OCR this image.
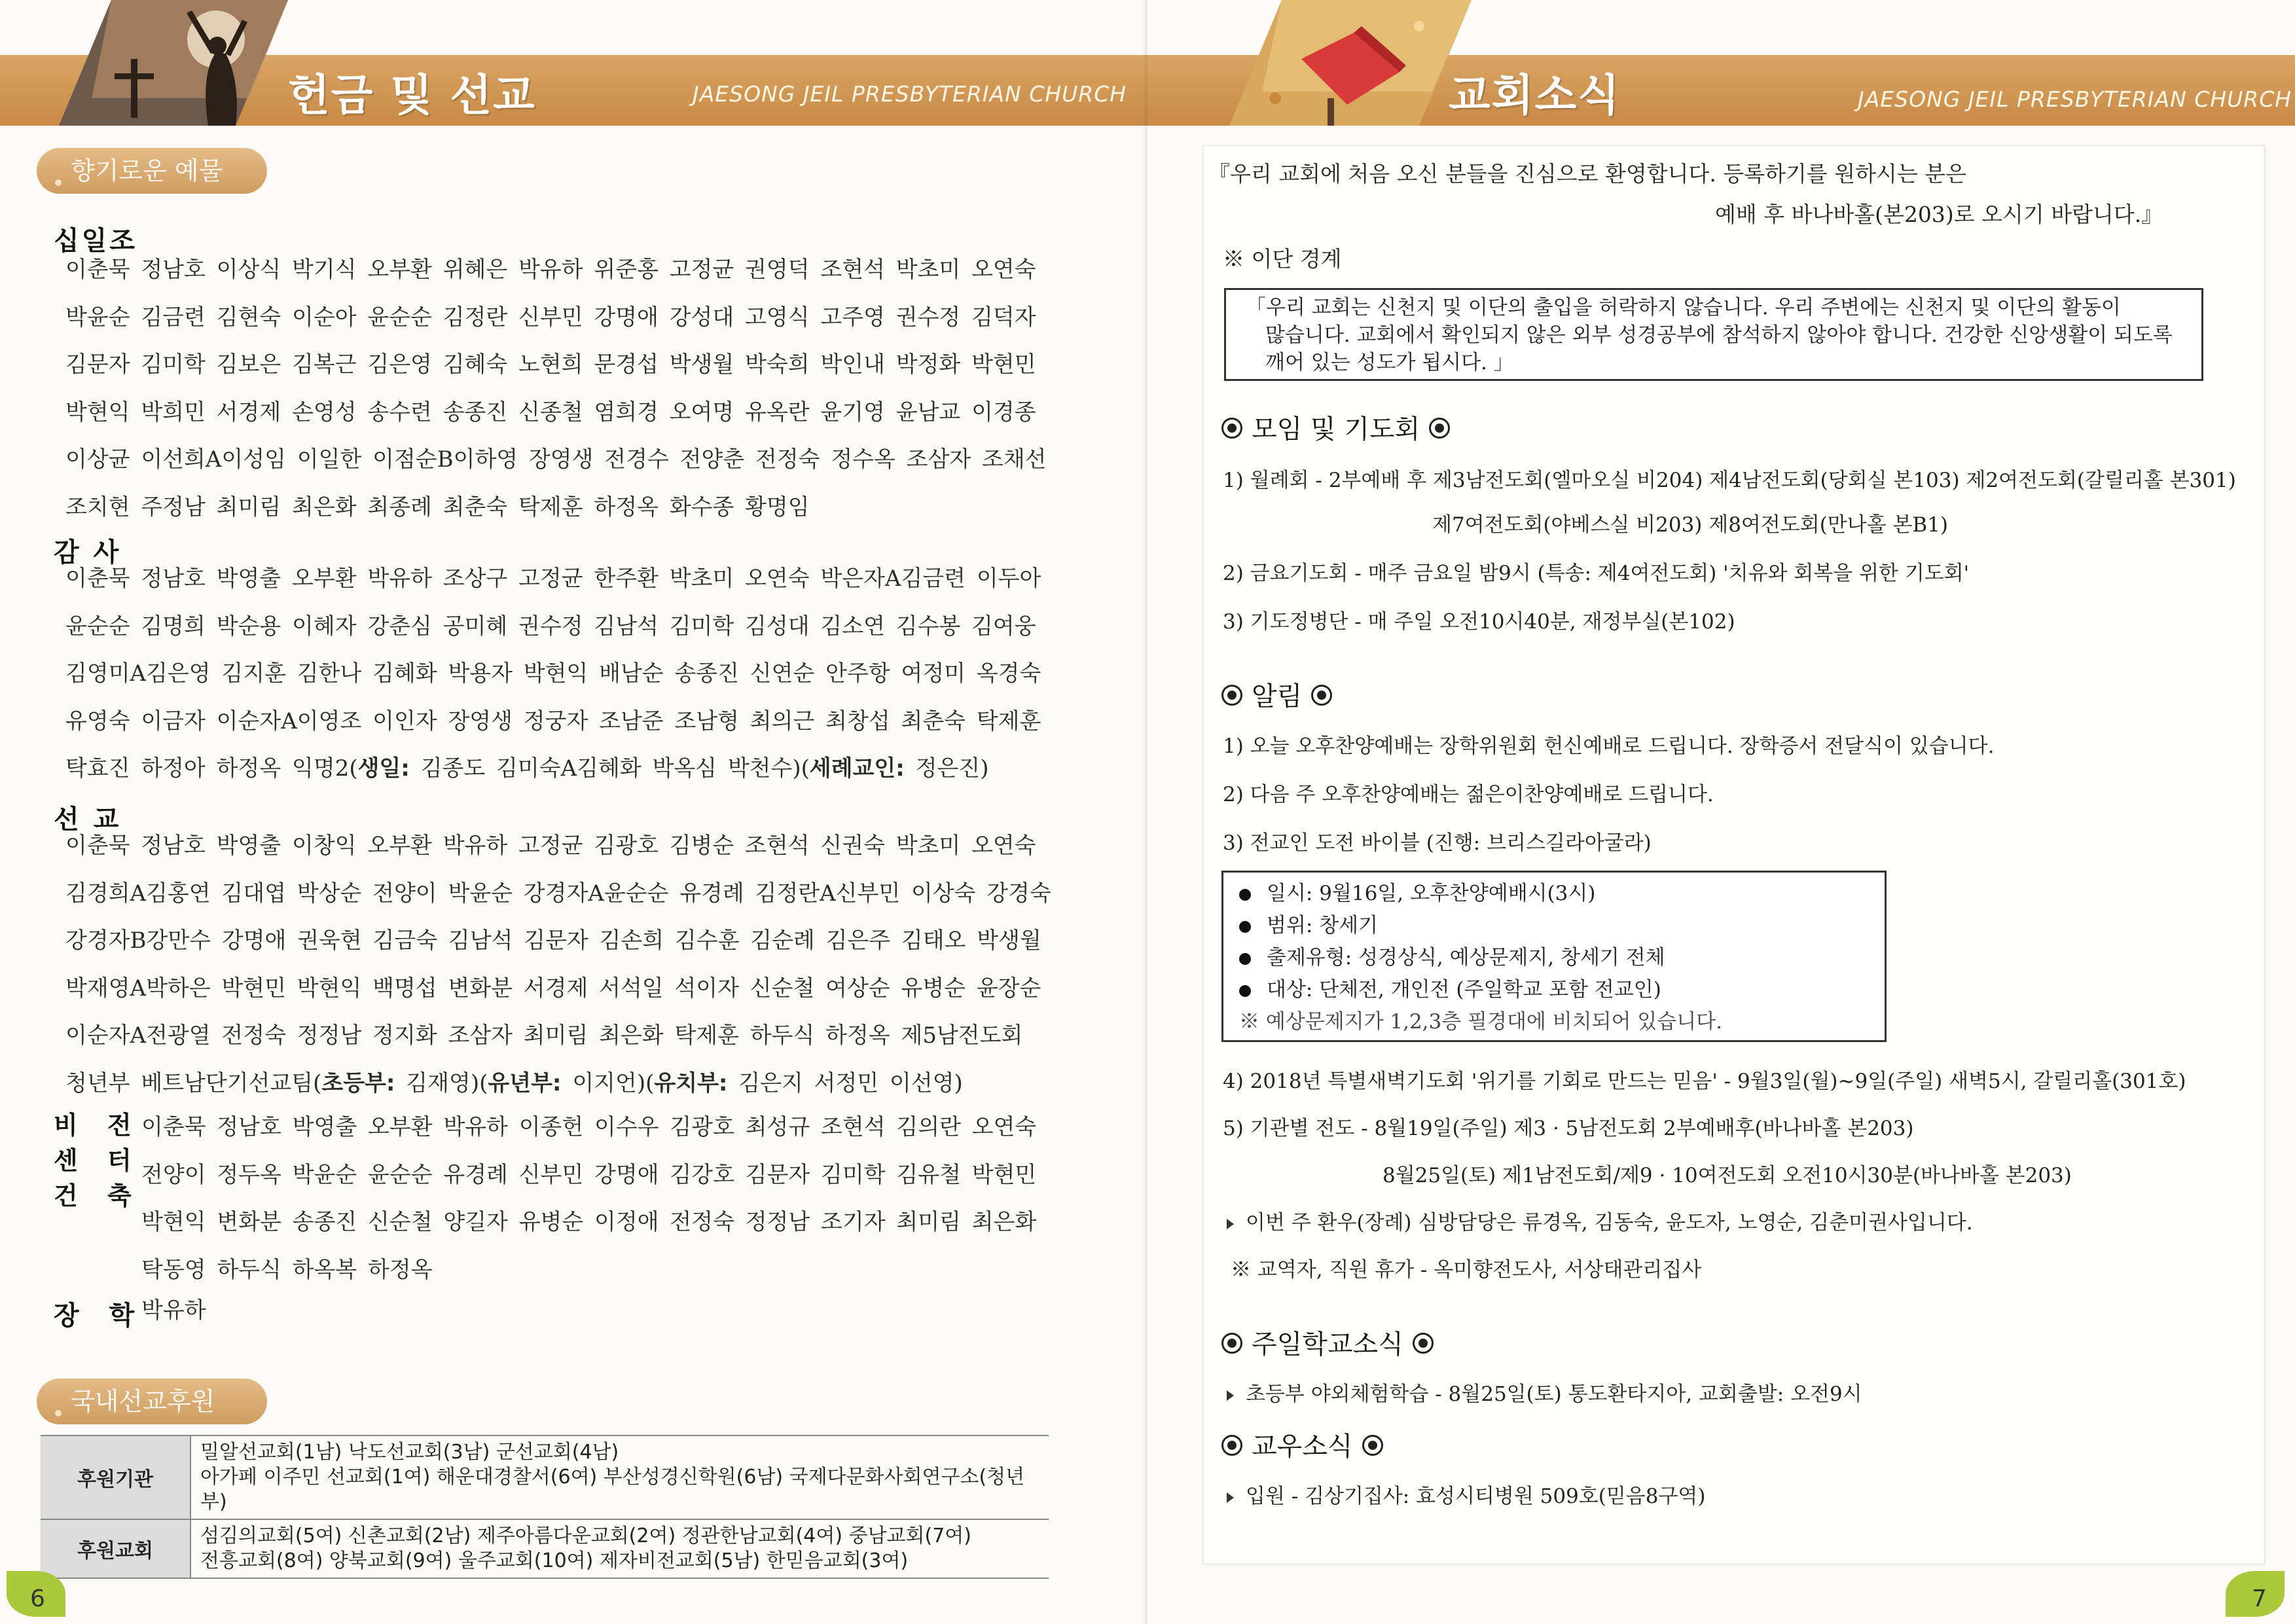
헌금 및 선교	JAESONG JEIL PRESBYTERIAN CHURCH
향기로운 예물
십일조
이춘묵 정남호 이상식 박기식 오부환 위혜은 박유하 위준홍 고정균 권영덕 조현석 박초미 오연숙
박윤순 김금련 김현숙 이순아 윤순순 김정란 신부민 강명애 강성대 고영식 고주영 권수정 김덕자
김문자 김미학 김보은 김복근 김은영 김혜숙 노현희 문경섭 박생월 박숙희 박인내 박정화 박현민
박현익 박희민 서경제 손영성 송수련 송종진 신종철 염희경 오여명 유옥란 윤기영 윤남교 이경종
이상균 이선희A이성임 이일한 이점순B이하영 장영생 전경수 전양춘 전정숙 정수옥 조삼자 조채선
조치현 주정남 최미림 최은화 최종례 최춘숙 탁제훈 하정옥 화수종 황명임
감 사
이춘묵 정남호 박영출 오부환 박유하 조상구 고정균 한주환 박초미 오연숙 박은자A김금련 이두아
윤순순 김명희 박순용 이혜자 강춘심 공미혜 권수정 김남석 김미학 김성대 김소연 김수봉 김여웅
김영미A김은영 김지훈 김한나 김혜화 박용자 박현익 배남순 송종진 신연순 안주항 여정미 옥경숙
유영숙 이금자 이순자A이영조 이인자 장영생 정궁자 조남준 조남형 최의근 최창섭 최춘숙 탁제훈
탁효진 하정아 하정옥 익명2(생일: 김종도 김미숙A김혜화 박옥심 박천수)(세례교인: 정은진)
선 교
이춘묵 정남호 박영출 이창익 오부환 박유하 고정균 김광호 김병순 조현석 신권숙 박초미 오연숙
김경희A김홍연 김대엽 박상순 전양이 박윤순 강경자A윤순순 유경례 김정란A신부민 이상숙 강경숙
강경자B강만수 강명애 권욱현 김금숙 김남석 김문자 김손희 김수훈 김순례 김은주 김태오 박생월
박재영A박하은 박현민 박현익 백명섭 변화분 서경제 서석일 석이자 신순철 여상순 유병순 윤장순
이순자A전광열 전정숙 정정남 정지화 조삼자 최미림 최은화 탁제훈 하두식 하정옥 제5남전도회
청년부 베트남단기선교팀(초등부: 김재영)(유년부: 이지언)(유치부: 김은지 서정민 이선영)
비 전
센 터
건 축
이춘묵 정남호 박영출 오부환 박유하 이종헌 이수우 김광호 최성규 조현석 김의란 오연숙
전양이 정두옥 박윤순 윤순순 유경례 신부민 강명애 김강호 김문자 김미학 김유철 박현민
박현익 변화분 송종진 신순철 양길자 유병순 이정애 전정숙 정정남 조기자 최미림 최은화
탁동영 하두식 하옥복 하정옥
장 학
박유하
국내선교후원
후원기관	밀알선교회(1남) 낙도선교회(3남) 군선교회(4남)
아가페 이주민 선교회(1여) 해운대경찰서(6여) 부산성경신학원(6남) 국제다문화사회연구소(청년부)

후원교회	섬김의교회(5여) 신촌교회(2남) 제주아름다운교회(2여) 정관한남교회(4여) 중남교회(7여)
전흥교회(8여) 양북교회(9여) 울주교회(10여) 제자비전교회(5남) 한믿음교회(3여)
6
교회소식	JAESONG JEIL PRESBYTERIAN CHURCH
『우리 교회에 처음 오신 분들을 진심으로 환영합니다. 등록하기를 원하시는 분은
예배 후 바나바홀(본203)로 오시기 바랍니다.』
※ 이단 경계
「우리 교회는 신천지 및 이단의 출입을 허락하지 않습니다. 우리 주변에는 신천지 및 이단의 활동이
많습니다. 교회에서 확인되지 않은 외부 성경공부에 참석하지 않아야 합니다. 건강한 신앙생활이 되도록
깨어 있는 성도가 됩시다. 」
모임 및 기도회
1) 월례회 - 2부예배 후 제3남전도회(엘마오실 비204) 제4남전도회(당회실 본103) 제2여전도회(갈릴리홀 본301)
제7여전도회(야베스실 비203) 제8여전도회(만나홀 본B1)
2) 금요기도회 - 매주 금요일 밤9시 (특송: 제4여전도회) '치유와 회복을 위한 기도회'
3) 기도정병단 - 매 주일 오전10시40분, 재정부실(본102)
알림
1) 오늘 오후찬양예배는 장학위원회 헌신예배로 드립니다. 장학증서 전달식이 있습니다.
2) 다음 주 오후찬양예배는 젊은이찬양예배로 드립니다.
3) 전교인 도전 바이블 (진행: 브리스길라아굴라)
일시: 9월16일, 오후찬양예배시(3시)
범위: 창세기
출제유형: 성경상식, 예상문제지, 창세기 전체
대상: 단체전, 개인전 (주일학교 포함 전교인)
※ 예상문제지가 1,2,3층 필경대에 비치되어 있습니다.
4) 2018년 특별새벽기도회 '위기를 기회로 만드는 믿음' - 9월3일(월)~9일(주일) 새벽5시, 갈릴리홀(301호)
5) 기관별 전도 - 8월19일(주일) 제3 · 5남전도회 2부예배후(바나바홀 본203)
8월25일(토) 제1남전도회/제9 · 10여전도회 오전10시30분(바나바홀 본203)
이번 주 환우(장례) 심방담당은 류경옥, 김동숙, 윤도자, 노영순, 김춘미권사입니다.
※ 교역자, 직원 휴가 - 옥미향전도사, 서상태관리집사
주일학교소식
초등부 야외체험학습 - 8월25일(토) 통도환타지아, 교회출발: 오전9시
교우소식
입원 - 김상기집사: 효성시티병원 509호(믿음8구역)
7
